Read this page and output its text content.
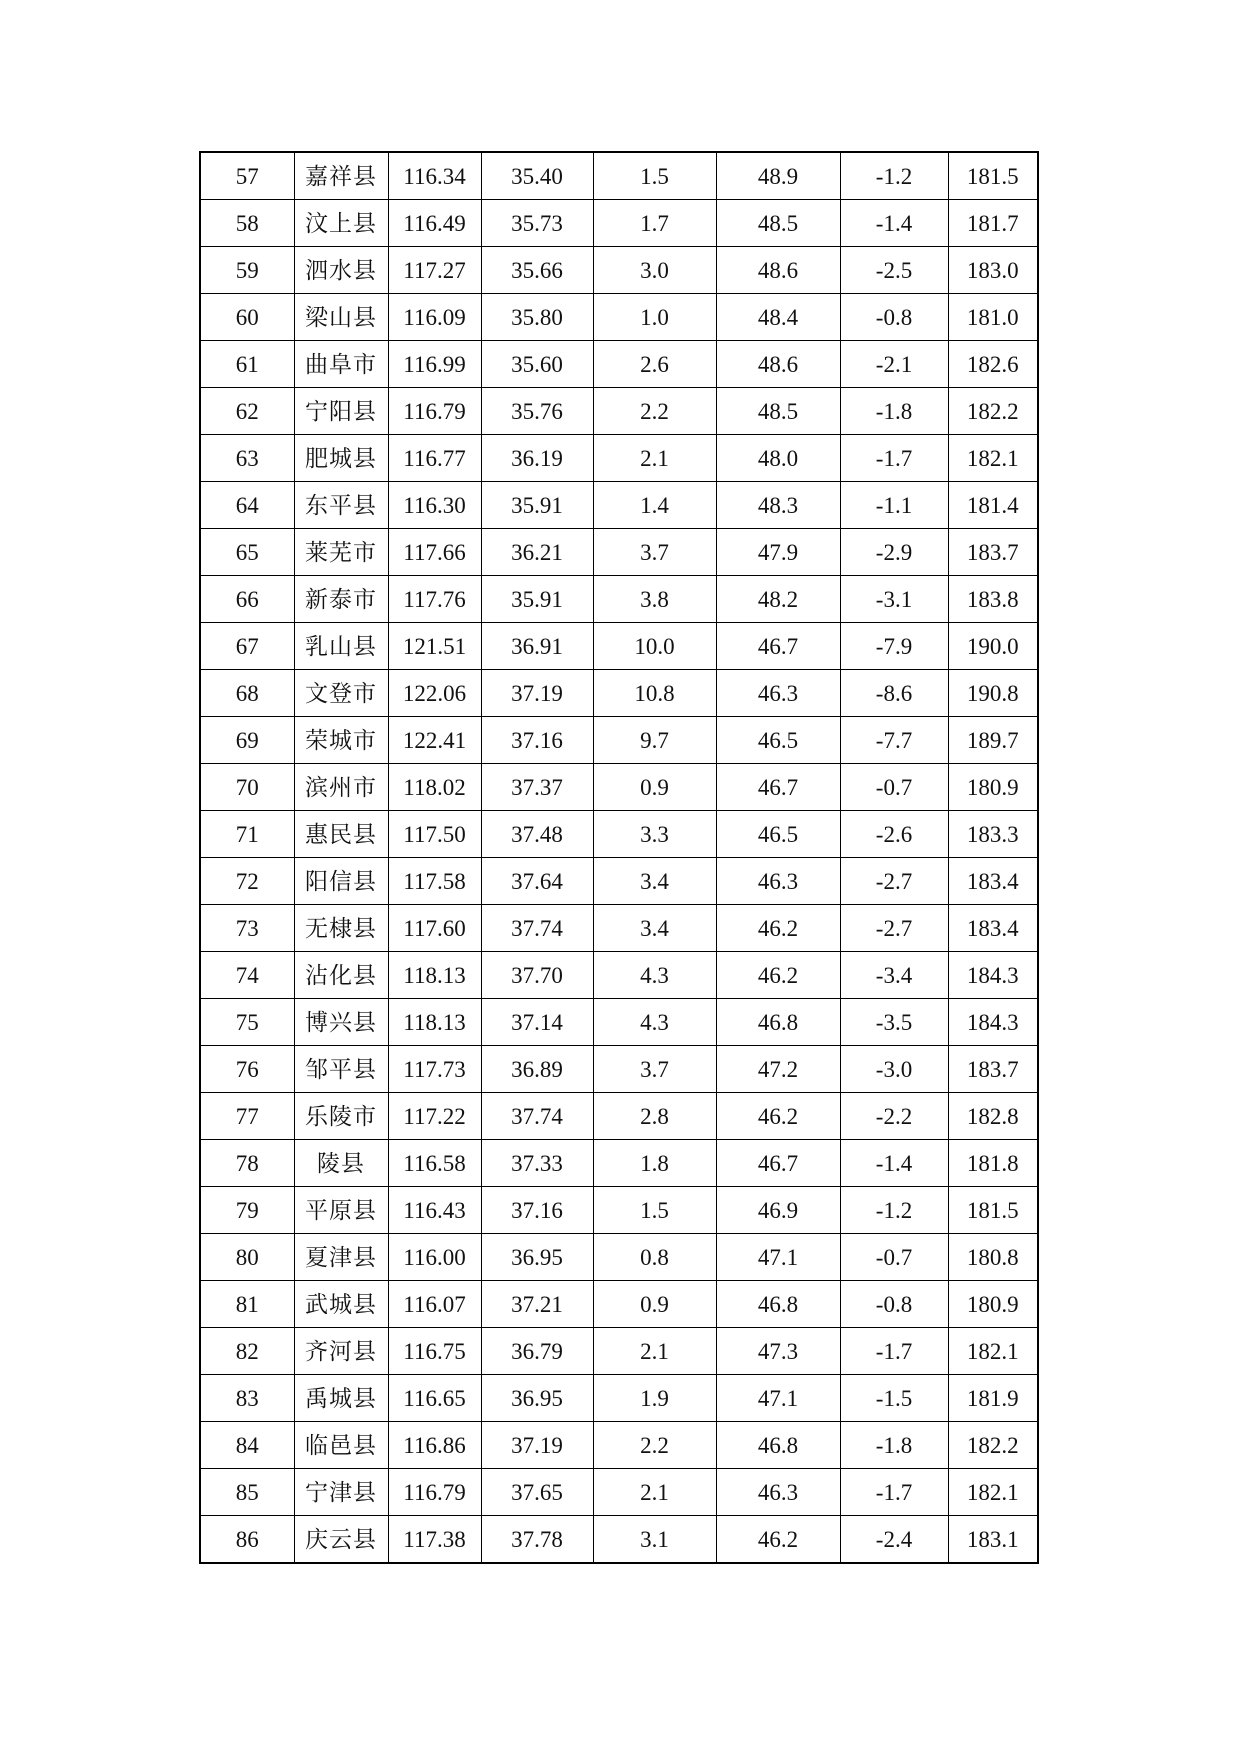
57	嘉祥县	116.34	35.40	1.5	48.9	-1.2	181.5
58	汶上县	116.49	35.73	1.7	48.5	-1.4	181.7
59	泗水县	117.27	35.66	3.0	48.6	-2.5	183.0
60	梁山县	116.09	35.80	1.0	48.4	-0.8	181.0
61	曲阜市	116.99	35.60	2.6	48.6	-2.1	182.6
62	宁阳县	116.79	35.76	2.2	48.5	-1.8	182.2
63	肥城县	116.77	36.19	2.1	48.0	-1.7	182.1
64	东平县	116.30	35.91	1.4	48.3	-1.1	181.4
65	莱芜市	117.66	36.21	3.7	47.9	-2.9	183.7
66	新泰市	117.76	35.91	3.8	48.2	-3.1	183.8
67	乳山县	121.51	36.91	10.0	46.7	-7.9	190.0
68	文登市	122.06	37.19	10.8	46.3	-8.6	190.8
69	荣城市	122.41	37.16	9.7	46.5	-7.7	189.7
70	滨州市	118.02	37.37	0.9	46.7	-0.7	180.9
71	惠民县	117.50	37.48	3.3	46.5	-2.6	183.3
72	阳信县	117.58	37.64	3.4	46.3	-2.7	183.4
73	无棣县	117.60	37.74	3.4	46.2	-2.7	183.4
74	沾化县	118.13	37.70	4.3	46.2	-3.4	184.3
75	博兴县	118.13	37.14	4.3	46.8	-3.5	184.3
76	邹平县	117.73	36.89	3.7	47.2	-3.0	183.7
77	乐陵市	117.22	37.74	2.8	46.2	-2.2	182.8
78	陵县	116.58	37.33	1.8	46.7	-1.4	181.8
79	平原县	116.43	37.16	1.5	46.9	-1.2	181.5
80	夏津县	116.00	36.95	0.8	47.1	-0.7	180.8
81	武城县	116.07	37.21	0.9	46.8	-0.8	180.9
82	齐河县	116.75	36.79	2.1	47.3	-1.7	182.1
83	禹城县	116.65	36.95	1.9	47.1	-1.5	181.9
84	临邑县	116.86	37.19	2.2	46.8	-1.8	182.2
85	宁津县	116.79	37.65	2.1	46.3	-1.7	182.1
86	庆云县	117.38	37.78	3.1	46.2	-2.4	183.1
